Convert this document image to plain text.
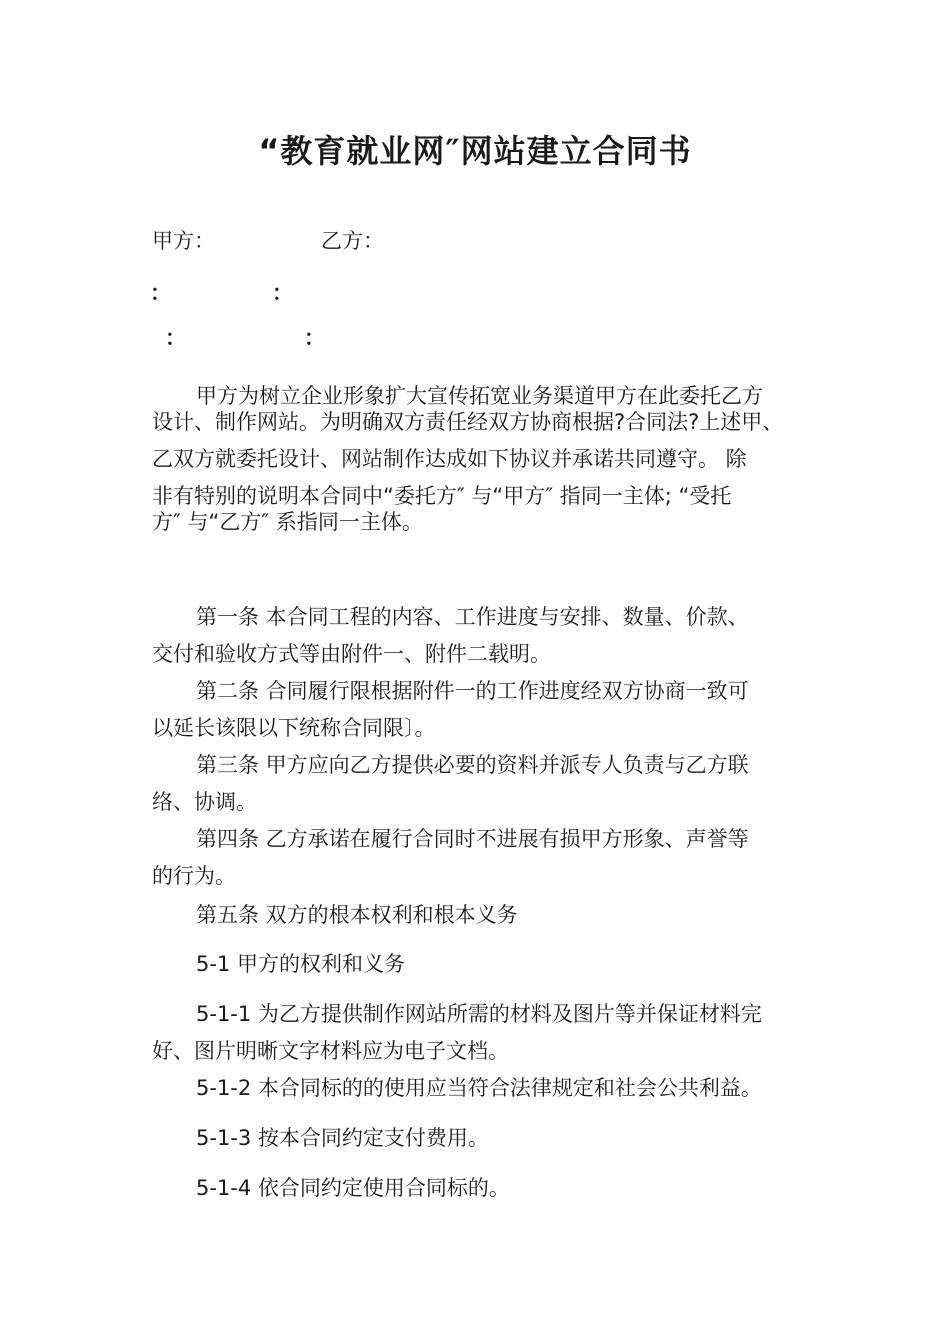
“教育就业网″网站建立合同书
甲方：	乙方：
：	：
：	：
甲方为树立企业形象扩大宣传拓宽业务渠道甲方在此委托乙方
设计、制作网站。为明确双方责任经双方协商根据?合同法?上述甲、
乙双方就委托设计、网站制作达成如下协议并承诺共同遵守。 除
非有特别的说明本合同中“委托方″ 与“甲方″ 指同一主体; “受托
方″ 与“乙方″ 系指同一主体。
第一条 本合同工程的内容、工作进度与安排、数量、价款、
交付和验收方式等由附件一、附件二载明。
第二条 合同履行限根据附件一的工作进度经双方协商一致可
以延长该限以下统称合同限〕。
第三条 甲方应向乙方提供必要的资料并派专人负责与乙方联
络、协调。
第四条 乙方承诺在履行合同时不进展有损甲方形象、声誉等
的行为。
第五条 双方的根本权利和根本义务
5-1 甲方的权利和义务
5-1-1 为乙方提供制作网站所需的材料及图片等并保证材料完
好、图片明晰文字材料应为电子文档。
5-1-2 本合同标的的使用应当符合法律规定和社会公共利益。
5-1-3 按本合同约定支付费用。
5-1-4 依合同约定使用合同标的。
